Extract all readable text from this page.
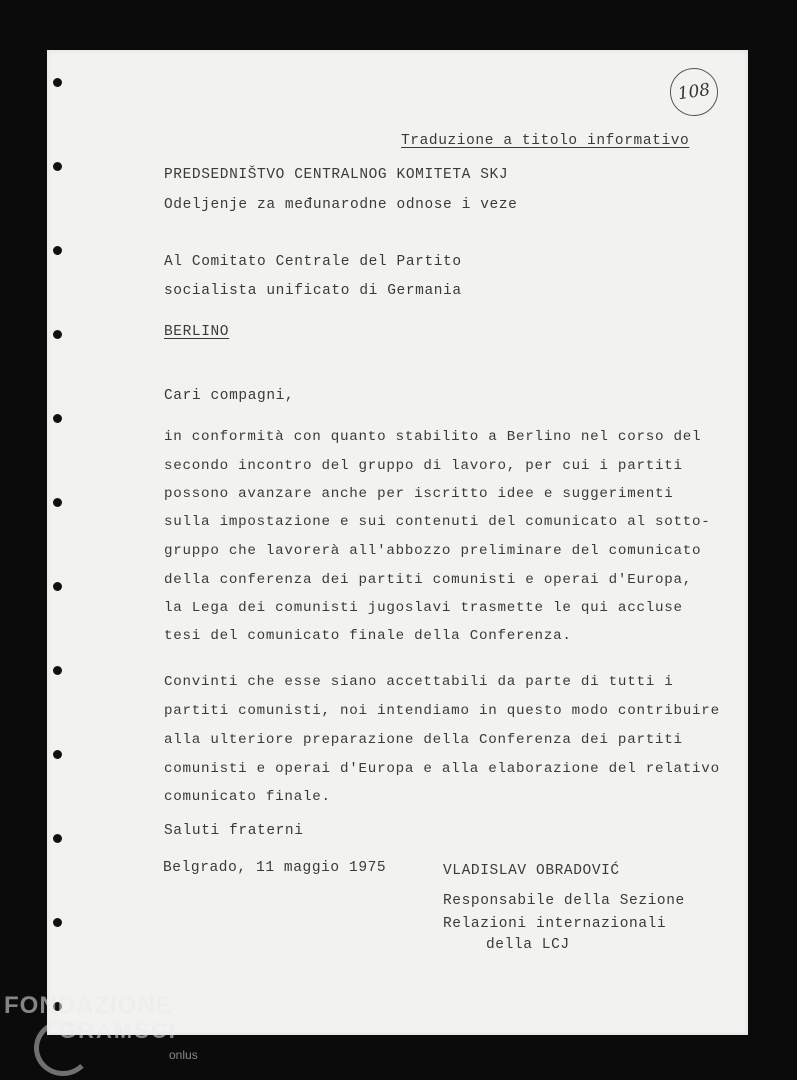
108
Traduzione a titolo informativo
PREDSEDNIŠTVO CENTRALNOG KOMITETA SKJ
Odeljenje za međunarodne odnose i veze
Al Comitato Centrale del Partito
socialista unificato di Germania
BERLINO
Cari compagni,
in conformità con quanto stabilito a Berlino nel corso del
secondo incontro del gruppo di lavoro, per cui i partiti
possono avanzare anche per iscritto idee e suggerimenti
sulla impostazione e sui contenuti del comunicato al sotto-
gruppo che lavorerà all'abbozzo preliminare del comunicato
della conferenza dei partiti comunisti e operai d'Europa,
la Lega dei comunisti jugoslavi trasmette le qui accluse
tesi del comunicato finale della Conferenza.
Convinti che esse siano accettabili da parte di tutti i
partiti comunisti, noi intendiamo in questo modo contribuire
alla ulteriore preparazione della Conferenza dei partiti
comunisti e operai d'Europa e alla elaborazione del relativo
comunicato finale.
Saluti fraterni
Belgrado, 11 maggio 1975	VLADISLAV OBRADOVIĆ
Responsabile della Sezione
Relazioni internazionali
della LCJ
FONDAZIONE
GRAMSCI
onlus
